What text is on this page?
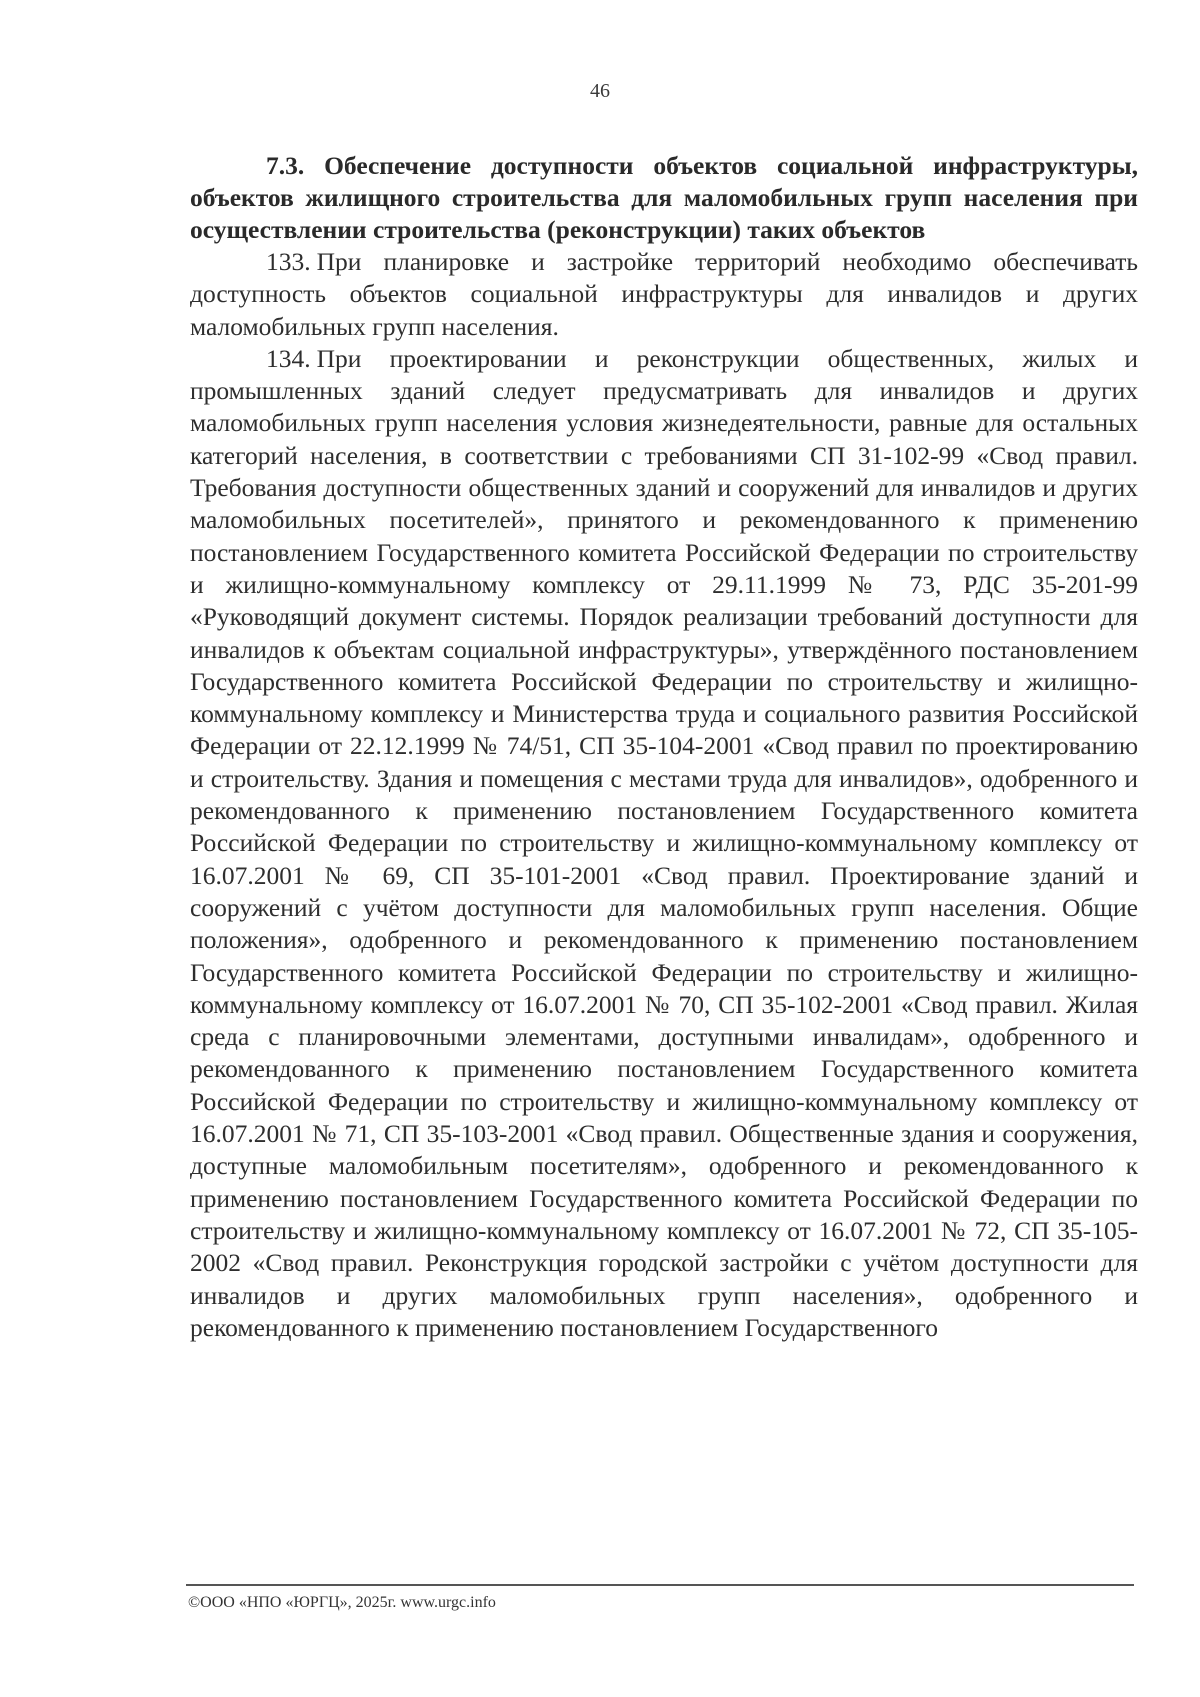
46

7.3. Обеспечение доступности объектов социальной инфраструктуры, объектов жилищного строительства для маломобильных групп населения при осуществлении строительства (реконструкции) таких объектов

133. При планировке и застройке территорий необходимо обеспечивать доступность объектов социальной инфраструктуры для инвалидов и других маломобильных групп населения.

134. При проектировании и реконструкции общественных, жилых и промышленных зданий следует предусматривать для инвалидов и других маломобильных групп населения условия жизнедеятельности, равные для остальных категорий населения, в соответствии с требованиями СП 31-102-99 «Свод правил. Требования доступности общественных зданий и сооружений для инвалидов и других маломобильных посетителей», принятого и рекомендованного к применению постановлением Государственного комитета Российской Федерации по строительству и жилищно-коммунальному комплексу от 29.11.1999 № 73, РДС 35-201-99 «Руководящий документ системы. Порядок реализации требований доступности для инвалидов к объектам социальной инфраструктуры», утверждённого постановлением Государственного комитета Российской Федерации по строительству и жилищно-коммунальному комплексу и Министерства труда и социального развития Российской Федерации от 22.12.1999 № 74/51, СП 35-104-2001 «Свод правил по проектированию и строительству. Здания и помещения с местами труда для инвалидов», одобренного и рекомендованного к применению постановлением Государственного комитета Российской Федерации по строительству и жилищно-коммунальному комплексу от 16.07.2001 № 69, СП 35-101-2001 «Свод правил. Проектирование зданий и сооружений с учётом доступности для маломобильных групп населения. Общие положения», одобренного и рекомендованного к применению постановлением Государственного комитета Российской Федерации по строительству и жилищно-коммунальному комплексу от 16.07.2001 № 70, СП 35-102-2001 «Свод правил. Жилая среда с планировочными элементами, доступными инвалидам», одобренного и рекомендованного к применению постановлением Государственного комитета Российской Федерации по строительству и жилищно-коммунальному комплексу от 16.07.2001 № 71, СП 35-103-2001 «Свод правил. Общественные здания и сооружения, доступные маломобильным посетителям», одобренного и рекомендованного к применению постановлением Государственного комитета Российской Федерации по строительству и жилищно-коммунальному комплексу от 16.07.2001 № 72, СП 35-105-2002 «Свод правил. Реконструкция городской застройки с учётом доступности для инвалидов и других маломобильных групп населения», одобренного и рекомендованного к применению постановлением Государственного

©ООО «НПО «ЮРГЦ», 2025г. www.urgc.info
